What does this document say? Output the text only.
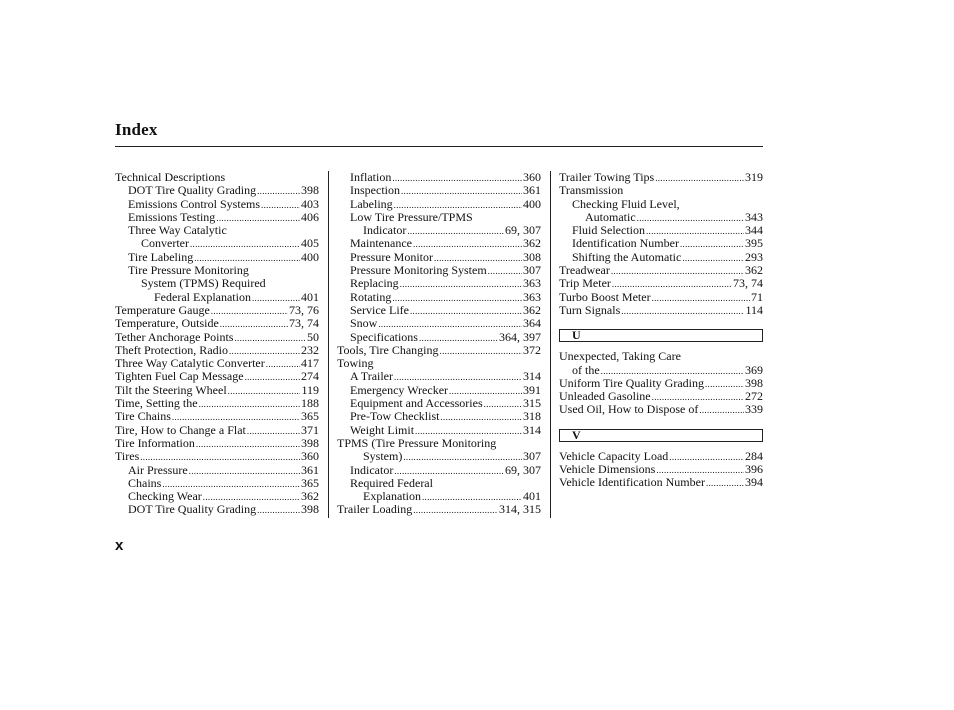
Index
Technical Descriptions
DOT Tire Quality Grading .....	398
Emissions Control Systems .....	403
Emissions Testing .....	406
Three Way Catalytic
Converter .....	405
Tire Labeling .....	400
Tire Pressure Monitoring
System (TPMS) Required
Federal Explanation .....	401
Temperature Gauge .....	73, 76
Temperature, Outside .....	73, 74
Tether Anchorage Points .....	50
Theft Protection, Radio .....	232
Three Way Catalytic Converter .....	417
Tighten Fuel Cap Message .....	274
Tilt the Steering Wheel .....	119
Time, Setting the .....	188
Tire Chains .....	365
Tire, How to Change a Flat .....	371
Tire Information .....	398
Tires .....	360
Air Pressure .....	361
Chains .....	365
Checking Wear .....	362
DOT Tire Quality Grading .....	398
Inflation .....	360
Inspection .....	361
Labeling .....	400
Low Tire Pressure/TPMS
Indicator .....	69, 307
Maintenance .....	362
Pressure Monitor .....	308
Pressure Monitoring System .....	307
Replacing .....	363
Rotating .....	363
Service Life .....	362
Snow .....	364
Specifications .....	364, 397
Tools, Tire Changing .....	372
Towing
A Trailer .....	314
Emergency Wrecker .....	391
Equipment and Accessories .....	315
Pre-Tow Checklist .....	318
Weight Limit .....	314
TPMS (Tire Pressure Monitoring
System) .....	307
Indicator .....	69, 307
Required Federal
Explanation .....	401
Trailer Loading .....	314, 315
Trailer Towing Tips .....	319
Transmission
Checking Fluid Level,
Automatic .....	343
Fluid Selection .....	344
Identification Number .....	395
Shifting the Automatic .....	293
Treadwear .....	362
Trip Meter .....	73, 74
Turbo Boost Meter .....	71
Turn Signals .....	114
U
Unexpected, Taking Care
of the .....	369
Uniform Tire Quality Grading .....	398
Unleaded Gasoline .....	272
Used Oil, How to Dispose of .....	339
V
Vehicle Capacity Load .....	284
Vehicle Dimensions .....	396
Vehicle Identification Number .....	394
x
